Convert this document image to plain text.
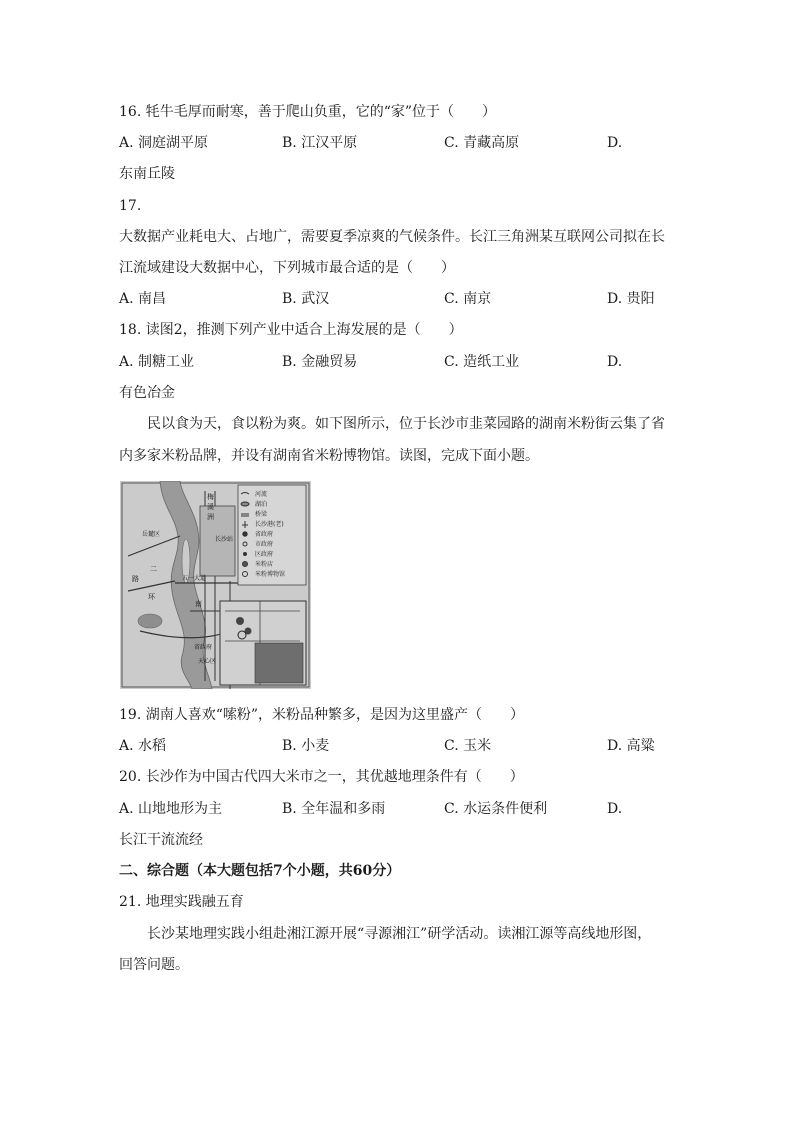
16. 牦牛毛厚而耐寒，善于爬山负重，它的“家”位于（　　）
A. 洞庭湖平原	B. 江汉平原	C. 青藏高原	D.
东南丘陵
17.
大数据产业耗电大、占地广，需要夏季凉爽的气候条件。长江三角洲某互联网公司拟在长
江流域建设大数据中心，下列城市最合适的是（　　）
A. 南昌	B. 武汉	C. 南京	D. 贵阳
18. 读图2，推测下列产业中适合上海发展的是（　　）
A. 制糖工业	B. 金融贸易	C. 造纸工业	D.
有色冶金
民以食为天，食以粉为爽。如下图所示，位于长沙市韭菜园路的湖南米粉街云集了省
内多家米粉品牌，并设有湖南省米粉博物馆。读图，完成下面小题。
河流
湖泊
桥梁
长沙港(老)
省政府
市政府
区政府
米粉店
米粉博物馆
梅
溪
洲
五一大道
岳麓区
长沙站
南
二
环
路
省政府
天心区
19. 湖南人喜欢“嗦粉”，米粉品种繁多，是因为这里盛产（　　）
A. 水稻	B. 小麦	C. 玉米	D. 高粱
20. 长沙作为中国古代四大米市之一，其优越地理条件有（　　）
A. 山地地形为主	B. 全年温和多雨	C. 水运条件便利	D.
长江干流流经
二、综合题（本大题包括7个小题，共60分）
21. 地理实践融五育
长沙某地理实践小组赴湘江源开展“寻源湘江”研学活动。读湘江源等高线地形图，
回答问题。
